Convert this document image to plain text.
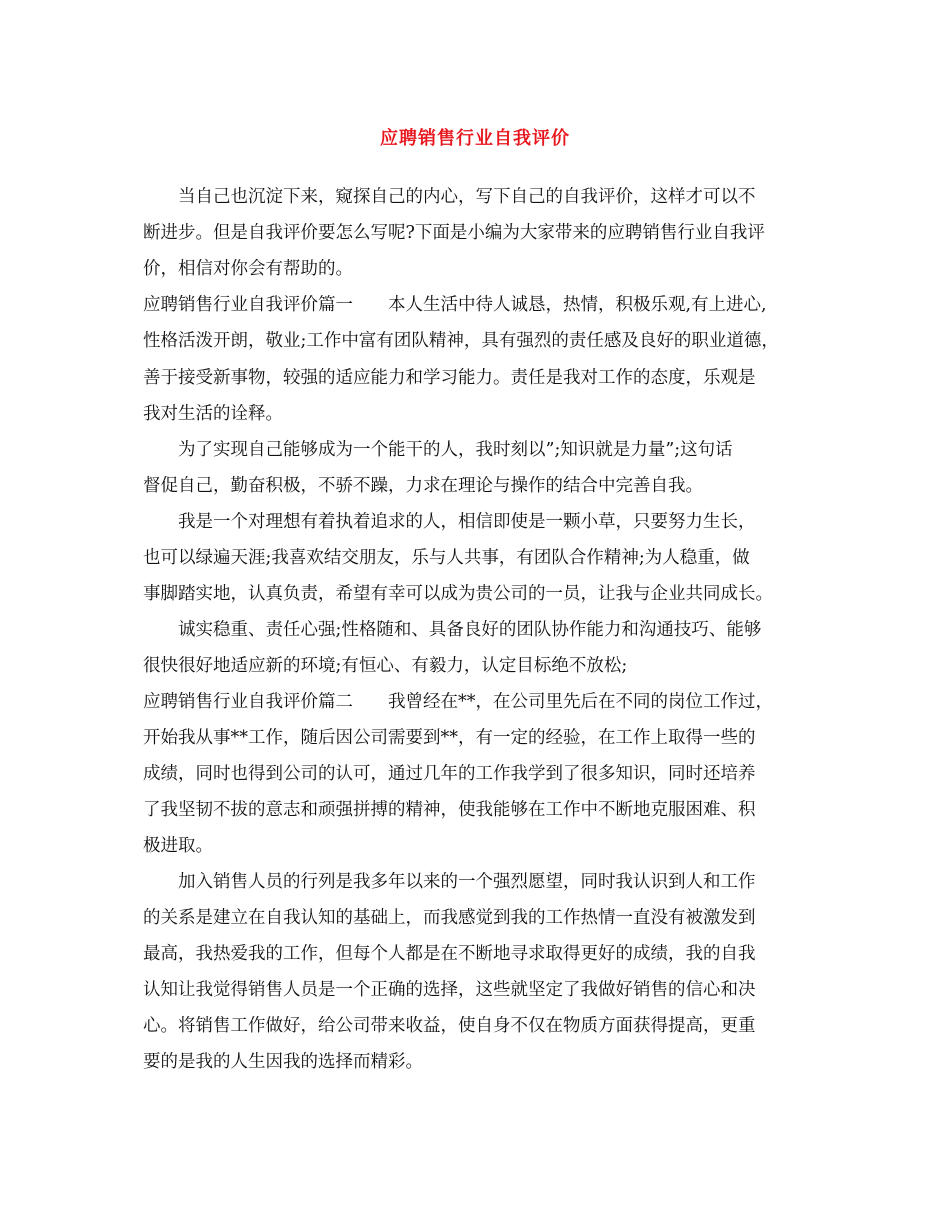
应聘销售行业自我评价
当自己也沉淀下来，窥探自己的内心，写下自己的自我评价，这样才可以不
断进步。但是自我评价要怎么写呢?下面是小编为大家带来的应聘销售行业自我评
价，相信对你会有帮助的。
应聘销售行业自我评价篇一　　本人生活中待人诚恳，热情，积极乐观,有上进心,
性格活泼开朗，敬业;工作中富有团队精神，具有强烈的责任感及良好的职业道德，
善于接受新事物，较强的适应能力和学习能力。责任是我对工作的态度，乐观是
我对生活的诠释。
为了实现自己能够成为一个能干的人，我时刻以”;知识就是力量”;这句话
督促自己，勤奋积极，不骄不躁，力求在理论与操作的结合中完善自我。
我是一个对理想有着执着追求的人，相信即使是一颗小草，只要努力生长，
也可以绿遍天涯;我喜欢结交朋友，乐与人共事，有团队合作精神;为人稳重，做
事脚踏实地，认真负责，希望有幸可以成为贵公司的一员，让我与企业共同成长。
诚实稳重、责任心强;性格随和、具备良好的团队协作能力和沟通技巧、能够
很快很好地适应新的环境;有恒心、有毅力，认定目标绝不放松;
应聘销售行业自我评价篇二　　我曾经在**，在公司里先后在不同的岗位工作过，
开始我从事**工作，随后因公司需要到**，有一定的经验，在工作上取得一些的
成绩，同时也得到公司的认可，通过几年的工作我学到了很多知识，同时还培养
了我坚韧不拔的意志和顽强拼搏的精神，使我能够在工作中不断地克服困难、积
极进取。
加入销售人员的行列是我多年以来的一个强烈愿望，同时我认识到人和工作
的关系是建立在自我认知的基础上，而我感觉到我的工作热情一直没有被激发到
最高，我热爱我的工作，但每个人都是在不断地寻求取得更好的成绩，我的自我
认知让我觉得销售人员是一个正确的选择，这些就坚定了我做好销售的信心和决
心。将销售工作做好，给公司带来收益，使自身不仅在物质方面获得提高，更重
要的是我的人生因我的选择而精彩。
